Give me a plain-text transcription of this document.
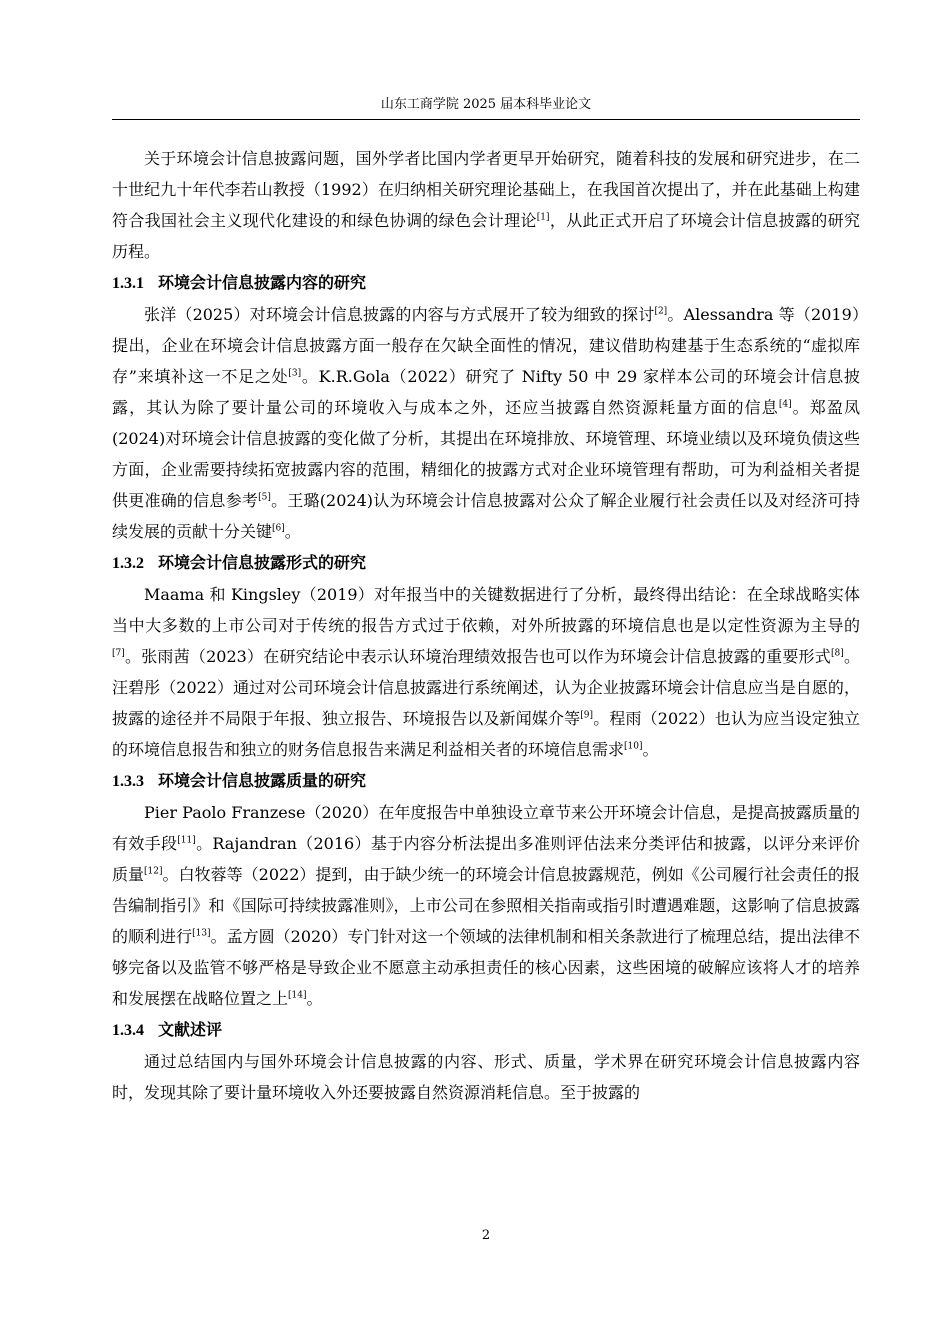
山东工商学院 2025 届本科毕业论文

关于环境会计信息披露问题，国外学者比国内学者更早开始研究，随着科技的发展和研究进步，在二十世纪九十年代李若山教授（1992）在归纳相关研究理论基础上，在我国首次提出了，并在此基础上构建符合我国社会主义现代化建设的和绿色协调的绿色会计理论[1]，从此正式开启了环境会计信息披露的研究历程。

1.3.1 环境会计信息披露内容的研究

张洋（2025）对环境会计信息披露的内容与方式展开了较为细致的探讨[2]。Alessandra 等（2019）提出，企业在环境会计信息披露方面一般存在欠缺全面性的情况，建议借助构建基于生态系统的“虚拟库存”来填补这一不足之处[3]。K.R.Gola（2022）研究了 Nifty 50 中 29 家样本公司的环境会计信息披露，其认为除了要计量公司的环境收入与成本之外，还应当披露自然资源耗量方面的信息[4]。郑盈凤(2024)对环境会计信息披露的变化做了分析，其提出在环境排放、环境管理、环境业绩以及环境负债这些方面，企业需要持续拓宽披露内容的范围，精细化的披露方式对企业环境管理有帮助，可为利益相关者提供更准确的信息参考[5]。王璐(2024)认为环境会计信息披露对公众了解企业履行社会责任以及对经济可持续发展的贡献十分关键[6]。

1.3.2 环境会计信息披露形式的研究

Maama 和 Kingsley（2019）对年报当中的关键数据进行了分析，最终得出结论：在全球战略实体当中大多数的上市公司对于传统的报告方式过于依赖，对外所披露的环境信息也是以定性资源为主导的[7]。张雨茜（2023）在研究结论中表示认环境治理绩效报告也可以作为环境会计信息披露的重要形式[8]。汪碧彤（2022）通过对公司环境会计信息披露进行系统阐述，认为企业披露环境会计信息应当是自愿的，披露的途径并不局限于年报、独立报告、环境报告以及新闻媒介等[9]。程雨（2022）也认为应当设定独立的环境信息报告和独立的财务信息报告来满足利益相关者的环境信息需求[10]。

1.3.3 环境会计信息披露质量的研究

Pier Paolo Franzese（2020）在年度报告中单独设立章节来公开环境会计信息，是提高披露质量的有效手段[11]。Rajandran（2016）基于内容分析法提出多准则评估法来分类评估和披露，以评分来评价质量[12]。白牧蓉等（2022）提到，由于缺少统一的环境会计信息披露规范，例如《公司履行社会责任的报告编制指引》和《国际可持续披露准则》，上市公司在参照相关指南或指引时遭遇难题，这影响了信息披露的顺利进行[13]。孟方圆（2020）专门针对这一个领域的法律机制和相关条款进行了梳理总结，提出法律不够完备以及监管不够严格是导致企业不愿意主动承担责任的核心因素，这些困境的破解应该将人才的培养和发展摆在战略位置之上[14]。

1.3.4 文献述评

通过总结国内与国外环境会计信息披露的内容、形式、质量，学术界在研究环境会计信息披露内容时，发现其除了要计量环境收入外还要披露自然资源消耗信息。至于披露的

2
